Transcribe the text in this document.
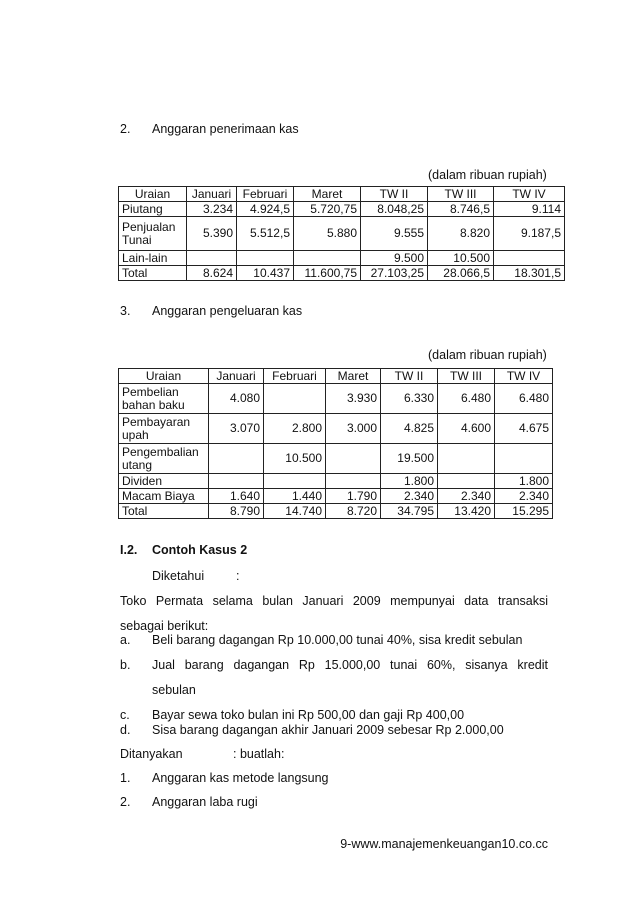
2.	Anggaran penerimaan kas
(dalam ribuan rupiah)
Uraian	Januari	Februari	Maret	TW II	TW III	TW IV
Piutang	3.234	4.924,5	5.720,75	8.048,25	8.746,5	9.114
Penjualan Tunai	5.390	5.512,5	5.880	9.555	8.820	9.187,5
Lain-lain				9.500	10.500	
Total	8.624	10.437	11.600,75	27.103,25	28.066,5	18.301,5
3.	Anggaran pengeluaran kas
(dalam ribuan rupiah)
Uraian	Januari	Februari	Maret	TW II	TW III	TW IV
Pembelian bahan baku	4.080		3.930	6.330	6.480	6.480
Pembayaran upah	3.070	2.800	3.000	4.825	4.600	4.675
Pengembalian utang		10.500		19.500		
Dividen				1.800		1.800
Macam Biaya	1.640	1.440	1.790	2.340	2.340	2.340
Total	8.790	14.740	8.720	34.795	13.420	15.295
I.2. Contoh Kasus 2
Diketahui	:
Toko Permata selama bulan Januari 2009 mempunyai data transaksi
sebagai berikut:
a. Beli barang dagangan Rp 10.000,00 tunai 40%, sisa kredit sebulan
b. Jual barang dagangan Rp 15.000,00 tunai 60%, sisanya kredit
sebulan
c. Bayar sewa toko bulan ini Rp 500,00 dan gaji Rp 400,00
d. Sisa barang dagangan akhir Januari 2009 sebesar Rp 2.000,00
Ditanyakan	: buatlah:
1. Anggaran kas metode langsung
2. Anggaran laba rugi
9-www.manajemenkeuangan10.co.cc
